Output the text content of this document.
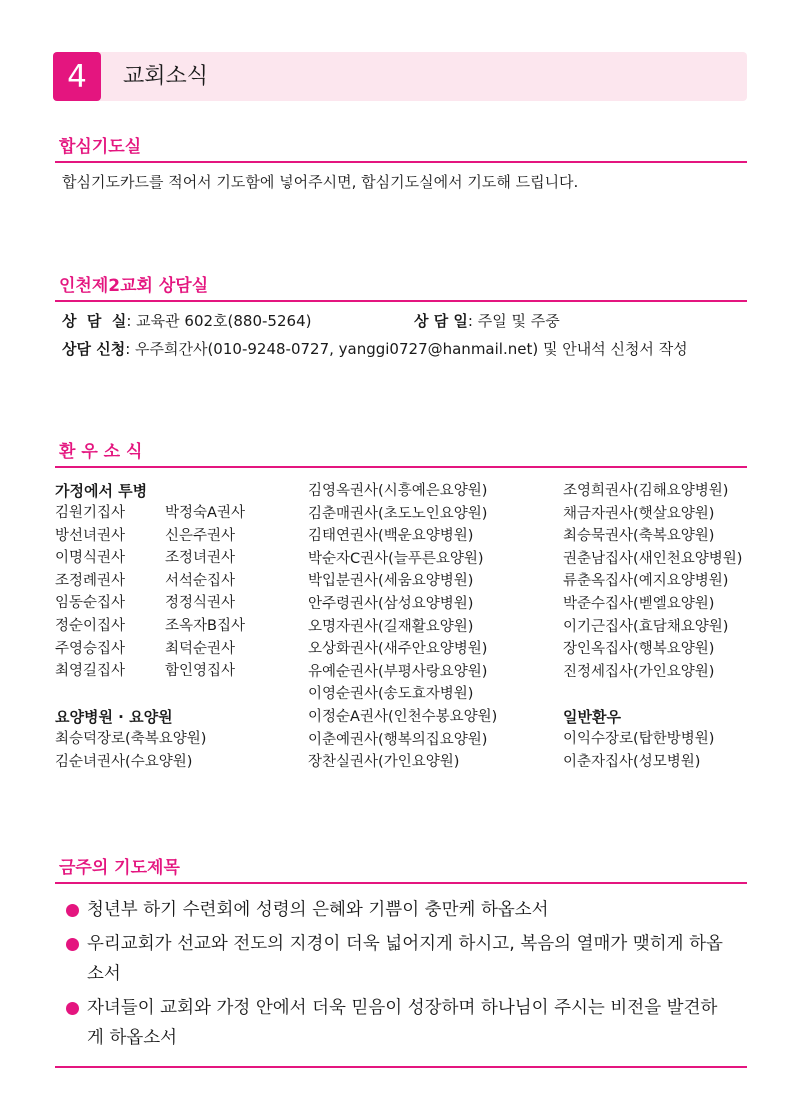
4	교회소식
합심기도실
합심기도카드를 적어서 기도함에 넣어주시면, 합심기도실에서 기도해 드립니다.
인천제2교회 상담실
상  담  실: 교육관 602호(880-5264)	상 담 일: 주일 및 주중
상담 신청: 우주희간사(010-9248-0727, yanggi0727@hanmail.net) 및 안내석 신청서 작성
환 우 소 식
가정에서 투병
김원기집사
방선녀권사
이명식권사
조정례권사
임동순집사
정순이집사
주영승집사
최영길집사
박정숙A권사
신은주권사
조정녀권사
서석순집사
정정식권사
조옥자B집사
최덕순권사
함인영집사
요양병원 · 요양원
최승덕장로(축복요양원)
김순녀권사(수요양원)
김영옥권사(시흥예은요양원)
김춘매권사(초도노인요양원)
김태연권사(백운요양병원)
박순자C권사(늘푸른요양원)
박입분권사(세움요양병원)
안주령권사(삼성요양병원)
오명자권사(길재활요양원)
오상화권사(새주안요양병원)
유예순권사(부평사랑요양원)
이영순권사(송도효자병원)
이정순A권사(인천수봉요양원)
이춘예권사(행복의집요양원)
장찬실권사(가인요양원)
조영희권사(김해요양병원)
채금자권사(햇살요양원)
최승묵권사(축복요양원)
권춘남집사(새인천요양병원)
류춘옥집사(예지요양병원)
박준수집사(벧엘요양원)
이기근집사(효담채요양원)
장인옥집사(행복요양원)
진정세집사(가인요양원)
일반환우
이익수장로(탑한방병원)
이춘자집사(성모병원)
금주의 기도제목
청년부 하기 수련회에 성령의 은혜와 기쁨이 충만케 하옵소서
우리교회가 선교와 전도의 지경이 더욱 넓어지게 하시고, 복음의 열매가 맺히게 하옵소서
자녀들이 교회와 가정 안에서 더욱 믿음이 성장하며 하나님이 주시는 비전을 발견하게 하옵소서
